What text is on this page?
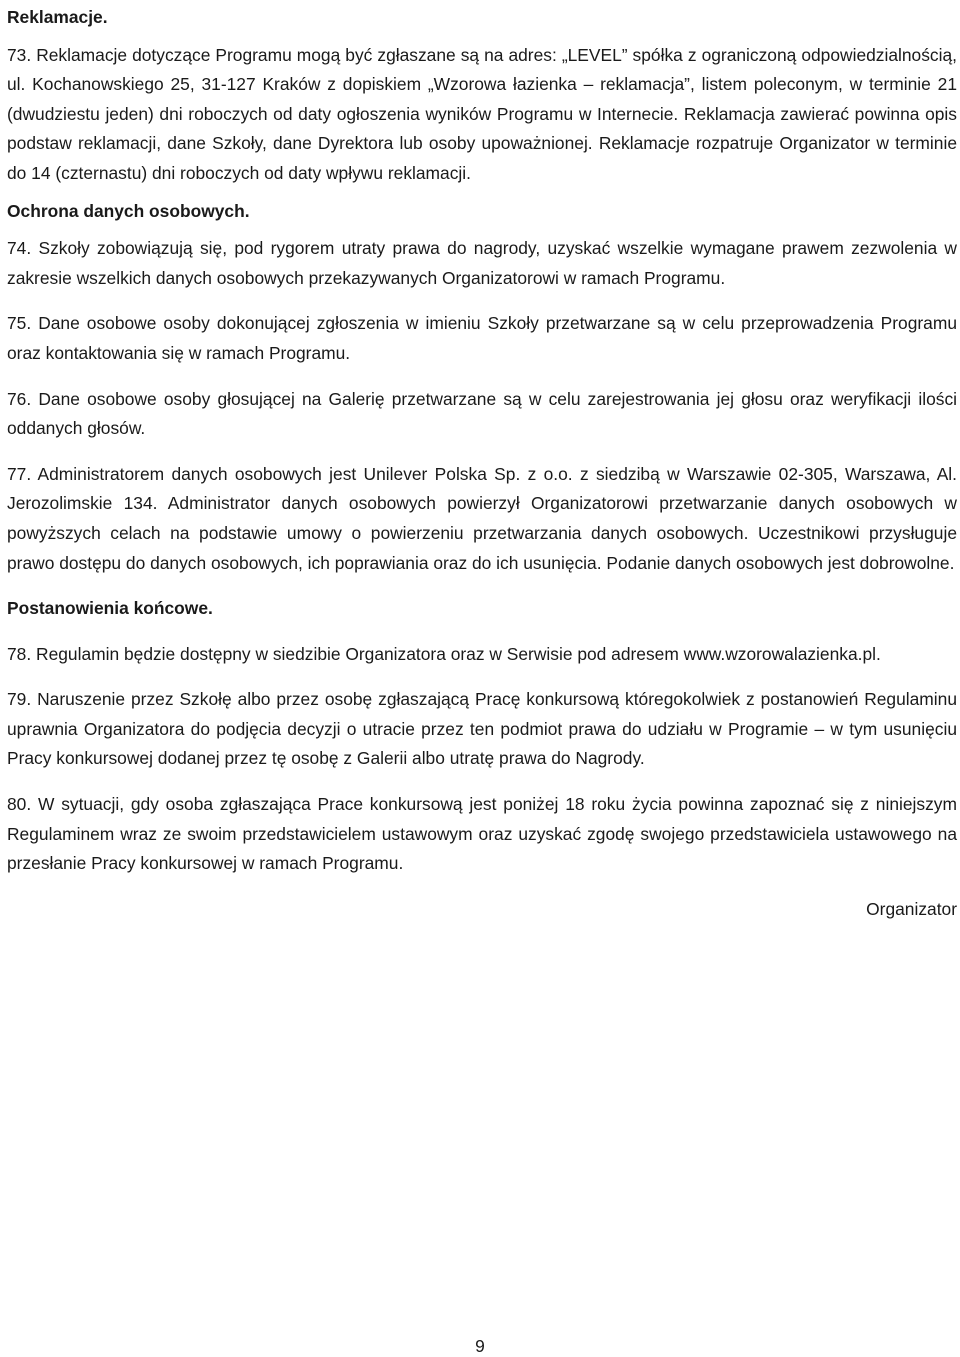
Reklamacje.

73. Reklamacje dotyczące Programu mogą być zgłaszane są na adres: „LEVEL” spółka z ograniczoną odpowiedzialnością, ul. Kochanowskiego 25, 31-127 Kraków z dopiskiem „Wzorowa łazienka – reklamacja”, listem poleconym, w terminie 21 (dwudziestu jeden) dni roboczych od daty ogłoszenia wyników Programu w Internecie. Reklamacja zawierać powinna opis podstaw reklamacji, dane Szkoły, dane Dyrektora lub osoby upoważnionej. Reklamacje rozpatruje Organizator w terminie do 14 (czternastu) dni roboczych od daty wpływu reklamacji.

Ochrona danych osobowych.

74. Szkoły zobowiązują się, pod rygorem utraty prawa do nagrody, uzyskać wszelkie wymagane prawem zezwolenia w zakresie wszelkich danych osobowych przekazywanych Organizatorowi w ramach Programu.

75. Dane osobowe osoby dokonującej zgłoszenia w imieniu Szkoły przetwarzane są w celu przeprowadzenia Programu oraz kontaktowania się w ramach Programu.

76. Dane osobowe osoby głosującej na Galerię przetwarzane są w celu zarejestrowania jej głosu oraz weryfikacji ilości oddanych głosów.

77. Administratorem danych osobowych jest Unilever Polska Sp. z o.o. z siedzibą w Warszawie 02-305, Warszawa, Al. Jerozolimskie 134. Administrator danych osobowych powierzył Organizatorowi przetwarzanie danych osobowych w powyższych celach na podstawie umowy o powierzeniu przetwarzania danych osobowych. Uczestnikowi przysługuje prawo dostępu do danych osobowych, ich poprawiania oraz do ich usunięcia. Podanie danych osobowych jest dobrowolne.

Postanowienia końcowe.

78. Regulamin będzie dostępny w siedzibie Organizatora oraz w Serwisie pod adresem www.wzorowalazienka.pl.

79. Naruszenie przez Szkołę albo przez osobę zgłaszającą Pracę konkursową któregokolwiek z postanowień Regulaminu uprawnia Organizatora do podjęcia decyzji o utracie przez ten podmiot prawa do udziału w Programie – w tym usunięciu Pracy konkursowej dodanej przez tę osobę z Galerii albo utratę prawa do Nagrody.

80. W sytuacji, gdy osoba zgłaszająca Prace konkursową jest poniżej 18 roku życia powinna zapoznać się z niniejszym Regulaminem wraz ze swoim przedstawicielem ustawowym oraz uzyskać zgodę swojego przedstawiciela ustawowego na przesłanie Pracy konkursowej w ramach Programu.

Organizator

9
